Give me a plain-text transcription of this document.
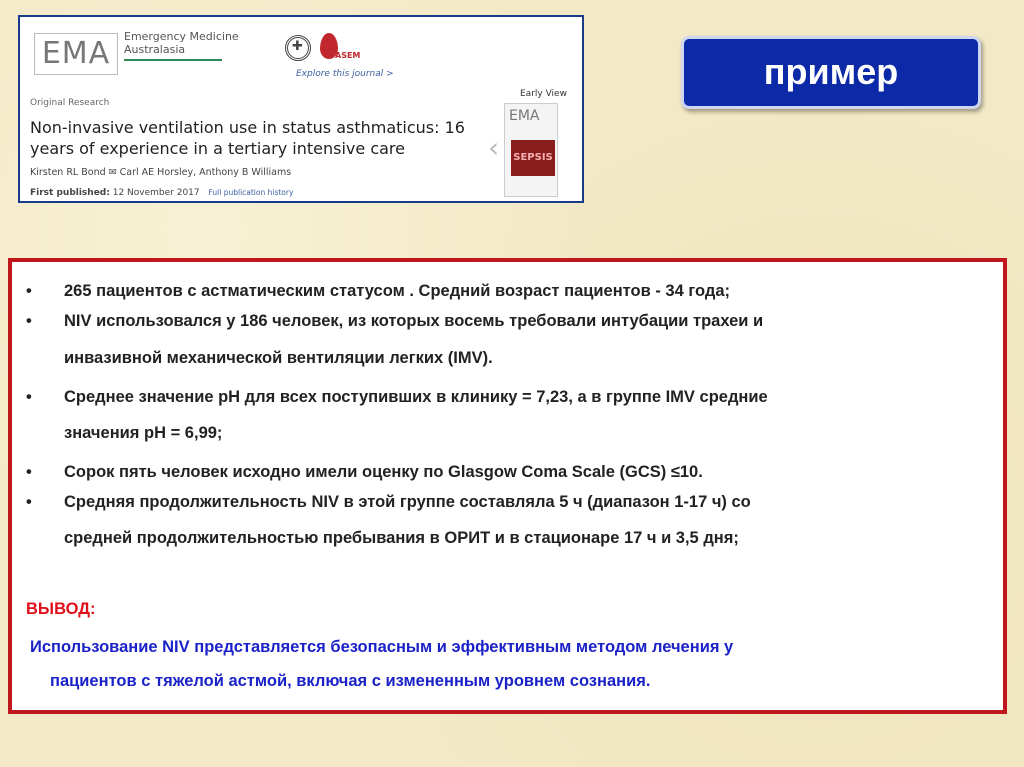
EMA	Emergency Medicine
Australasia
✚	ASEM
Explore this journal >
Early View
‹
EMA
SEPSIS
Original Research
Non-invasive ventilation use in status asthmaticus: 16 years of experience in a tertiary intensive care
Kirsten RL Bond ✉ Carl AE Horsley, Anthony B Williams
First published: 12 November 2017 Full publication history
пример
• 265 пациентов с астматическим статусом . Средний возраст пациентов - 34 года;
• NIV использовался у 186 человек, из которых восемь требовали интубации трахеи и
инвазивной механической вентиляции легких (IMV).
• Среднее значение pH для всех поступивших в клинику = 7,23, а в группе IMV средние
значения pH = 6,99;
• Сорок пять человек исходно имели оценку по Glasgow Coma Scale (GCS) ≤10.
• Средняя продолжительность NIV в этой группе составляла 5 ч (диапазон 1-17 ч) со
средней продолжительностью пребывания в ОРИТ и в стационаре 17 ч и 3,5 дня;
ВЫВОД:
Использование NIV представляется безопасным и эффективным методом лечения у
пациентов с тяжелой астмой, включая с измененным уровнем сознания.
